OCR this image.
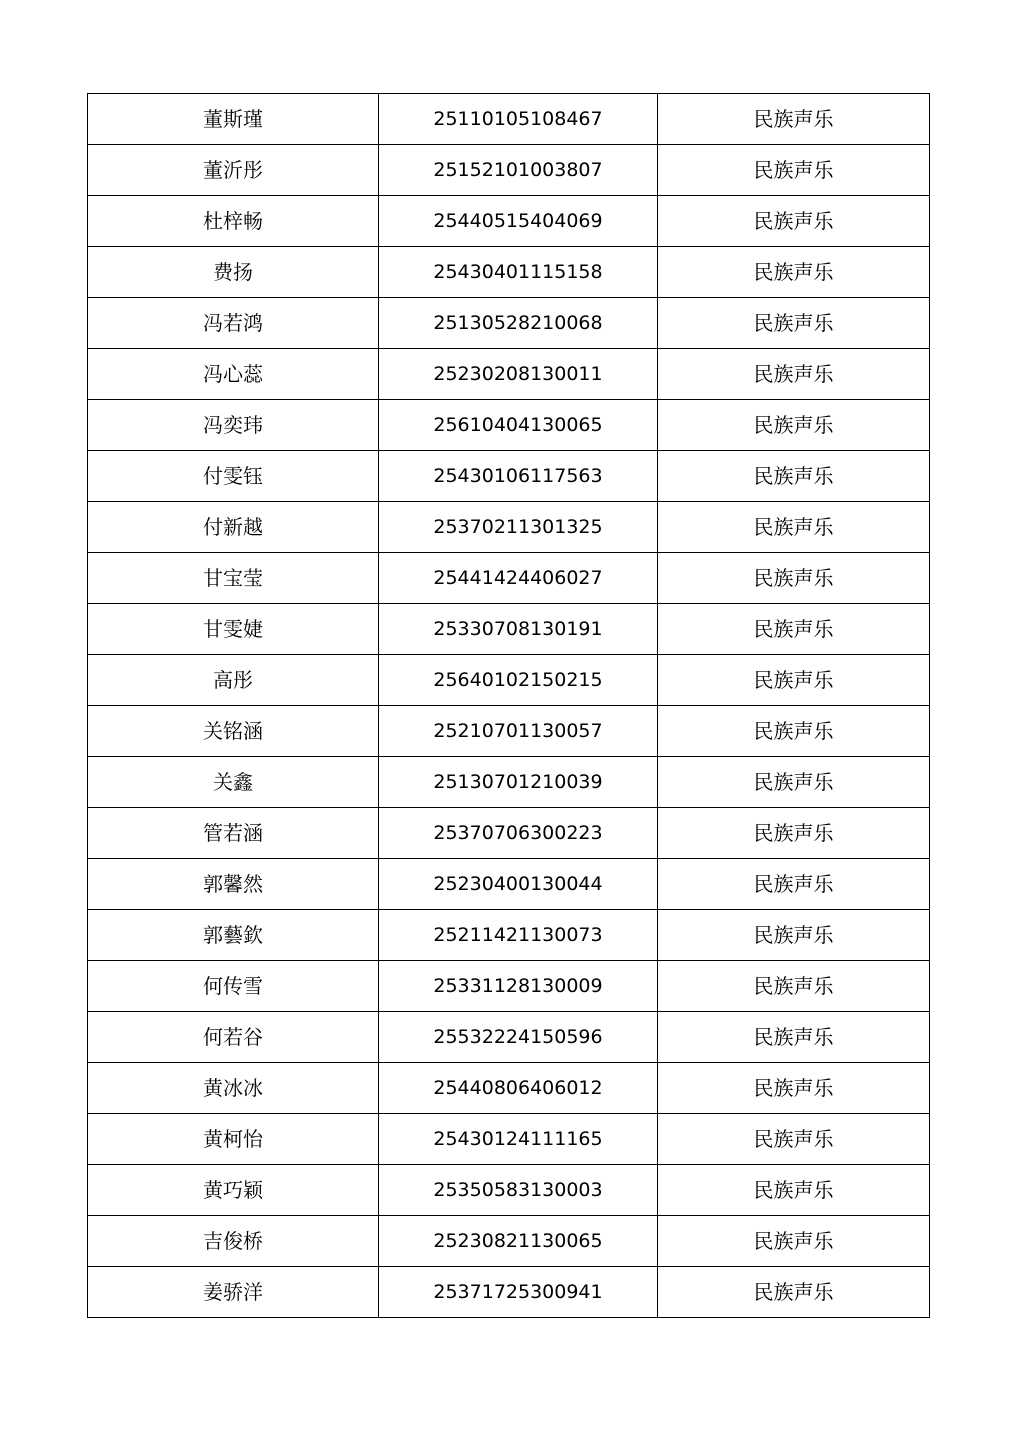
董斯瑾	25110105108467	民族声乐
董沂彤	25152101003807	民族声乐
杜梓畅	25440515404069	民族声乐
费扬	25430401115158	民族声乐
冯若鸿	25130528210068	民族声乐
冯心蕊	25230208130011	民族声乐
冯奕玮	25610404130065	民族声乐
付雯钰	25430106117563	民族声乐
付新越	25370211301325	民族声乐
甘宝莹	25441424406027	民族声乐
甘雯婕	25330708130191	民族声乐
高彤	25640102150215	民族声乐
关铭涵	25210701130057	民族声乐
关鑫	25130701210039	民族声乐
管若涵	25370706300223	民族声乐
郭馨然	25230400130044	民族声乐
郭藝欽	25211421130073	民族声乐
何传雪	25331128130009	民族声乐
何若谷	25532224150596	民族声乐
黄冰冰	25440806406012	民族声乐
黄柯怡	25430124111165	民族声乐
黄巧颖	25350583130003	民族声乐
吉俊桥	25230821130065	民族声乐
姜骄洋	25371725300941	民族声乐
